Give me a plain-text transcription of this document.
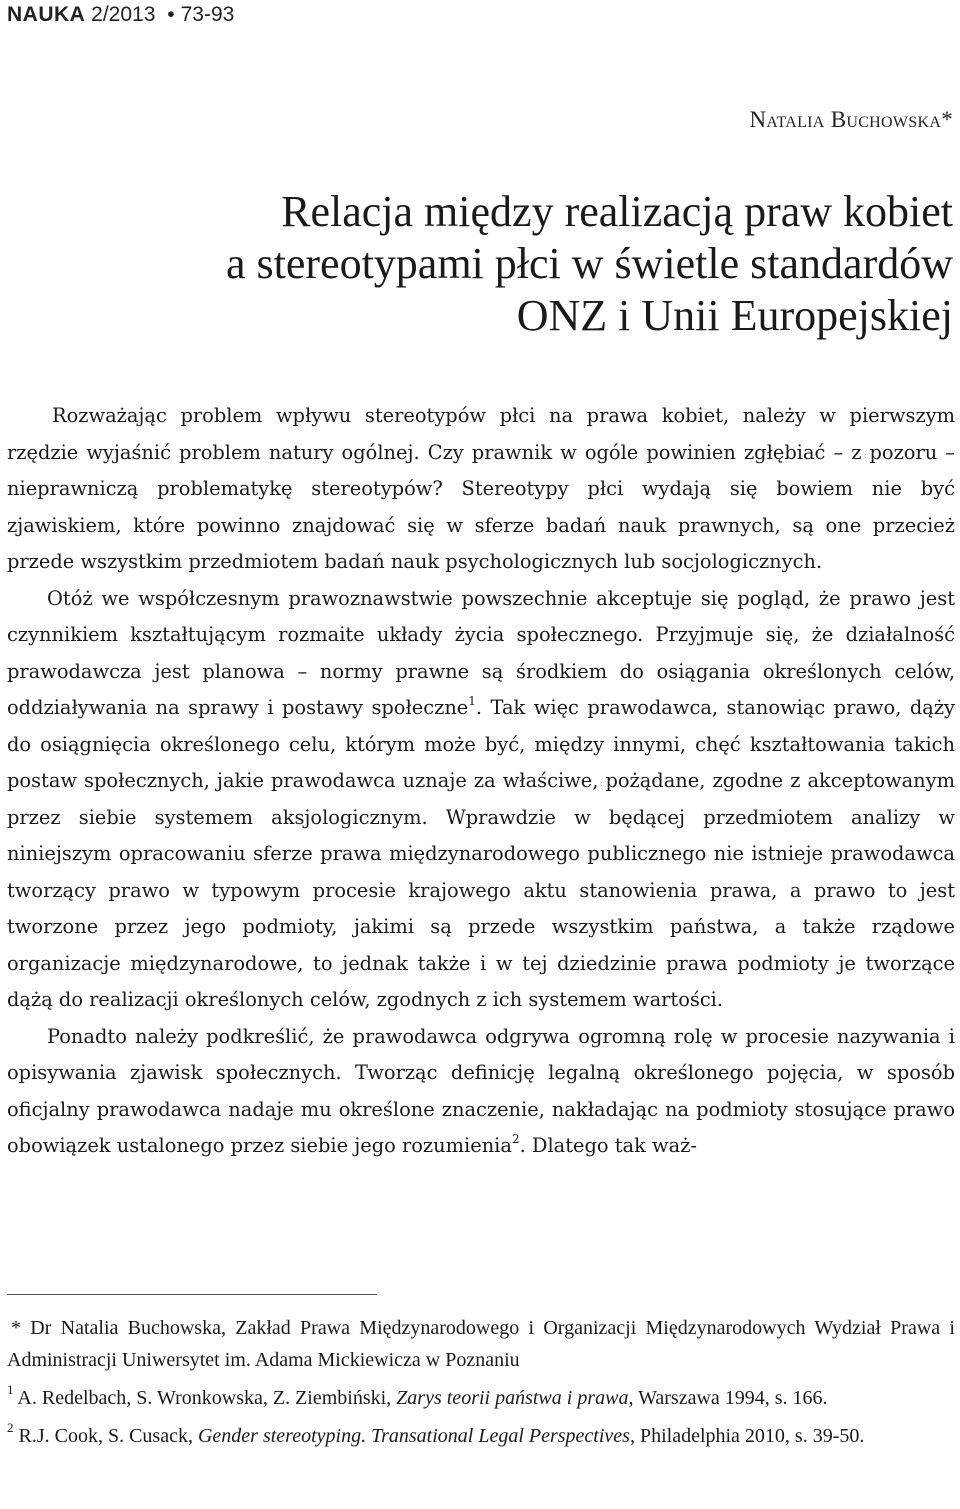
NAUKA 2/2013 • 73-93
Natalia Buchowska*
Relacja między realizacją praw kobiet
a stereotypami płci w świetle standardów
ONZ i Unii Europejskiej

Rozważając problem wpływu stereotypów płci na prawa kobiet, należy w pierwszym rzędzie wyjaśnić problem natury ogólnej. Czy prawnik w ogóle powinien zgłębiać – z pozoru – nieprawniczą problematykę stereotypów? Stereotypy płci wydają się bowiem nie być zjawiskiem, które powinno znajdować się w sferze badań nauk prawnych, są one przecież przede wszystkim przedmiotem badań nauk psychologicznych lub socjologicznych.

Otóż we współczesnym prawoznawstwie powszechnie akceptuje się pogląd, że prawo jest czynnikiem kształtującym rozmaite układy życia społecznego. Przyjmuje się, że działalność prawodawcza jest planowa – normy prawne są środkiem do osiągania określonych celów, oddziaływania na sprawy i postawy społeczne$^1$. Tak więc prawodawca, stanowiąc prawo, dąży do osiągnięcia określonego celu, którym może być, między innymi, chęć kształtowania takich postaw społecznych, jakie prawodawca uznaje za właściwe, pożądane, zgodne z akceptowanym przez siebie systemem aksjologicznym. Wprawdzie w będącej przedmiotem analizy w niniejszym opracowaniu sferze prawa międzynarodowego publicznego nie istnieje prawodawca tworzący prawo w typowym procesie krajowego aktu stanowienia prawa, a prawo to jest tworzone przez jego podmioty, jakimi są przede wszystkim państwa, a także rządowe organizacje międzynarodowe, to jednak także i w tej dziedzinie prawa podmioty je tworzące dążą do realizacji określonych celów, zgodnych z ich systemem wartości.

Ponadto należy podkreślić, że prawodawca odgrywa ogromną rolę w procesie nazywania i opisywania zjawisk społecznych. Tworząc definicję legalną określonego pojęcia, w sposób oficjalny prawodawca nadaje mu określone znaczenie, nakładając na podmioty stosujące prawo obowiązek ustalonego przez siebie jego rozumienia$^2$. Dlatego tak waż-

* Dr Natalia Buchowska, Zakład Prawa Międzynarodowego i Organizacji Międzynarodowych Wydział Prawa i Administracji Uniwersytet im. Adama Mickiewicza w Poznaniu
$^1$ A. Redelbach, S. Wronkowska, Z. Ziembiński, Zarys teorii państwa i prawa, Warszawa 1994, s. 166.
$^2$ R.J. Cook, S. Cusack, Gender stereotyping. Transational Legal Perspectives, Philadelphia 2010, s. 39-50.
